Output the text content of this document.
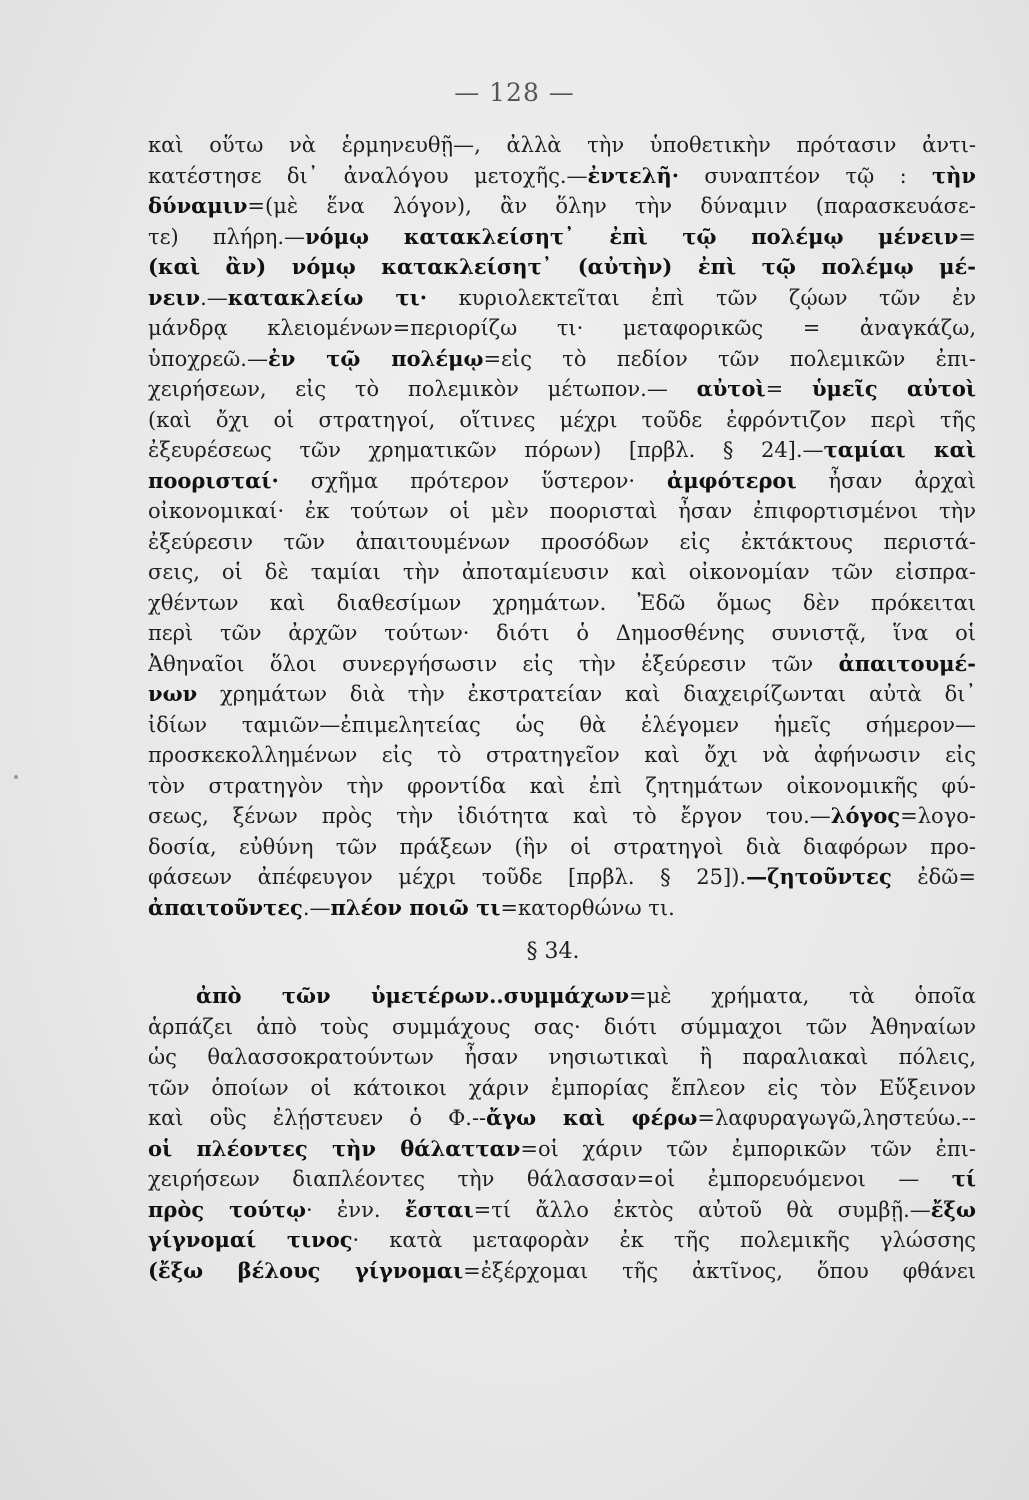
— 128 —
καὶ οὕτω νὰ ἑρμηνευθῇ—, ἀλλὰ τὴν ὑποθετικὴν πρότασιν ἀντι-
κατέστησε δι᾽ ἀναλόγου μετοχῆς.—ἐντελῆ· συναπτέον τῷ : τὴν
δύναμιν=(μὲ ἕνα λόγον), ἂν ὅλην τὴν δύναμιν (παρασκευάσε-
τε) πλήρη.—νόμῳ κατακλείσητ᾽ ἐπὶ τῷ πολέμῳ μένειν=
(καὶ ἂν) νόμῳ κατακλείσητ᾽ (αὐτὴν) ἐπὶ τῷ πολέμῳ μέ-
νειν.—κατακλείω τι· κυριολεκτεῖται ἐπὶ τῶν ζῴων τῶν ἐν
μάνδρᾳ κλειομένων=περιορίζω τι· μεταφορικῶς = ἀναγκάζω,
ὑποχρεῶ.—ἐν τῷ πολέμῳ=εἰς τὸ πεδίον τῶν πολεμικῶν ἐπι-
χειρήσεων, εἰς τὸ πολεμικὸν μέτωπον.— αὐτοὶ= ὑμεῖς αὐτοὶ
(καὶ ὄχι οἱ στρατηγοί, οἵτινες μέχρι τοῦδε ἐφρόντιζον περὶ τῆς
ἐξευρέσεως τῶν χρηματικῶν πόρων) [πρβλ. § 24].—ταμίαι καὶ
ποορισταί· σχῆμα πρότερον ὕστερον· ἀμφότεροι ἦσαν ἀρχαὶ
οἰκονομικαί· ἐκ τούτων οἱ μὲν ποορισταὶ ἦσαν ἐπιφορτισμένοι τὴν
ἐξεύρεσιν τῶν ἀπαιτουμένων προσόδων εἰς ἐκτάκτους περιστά-
σεις, οἱ δὲ ταμίαι τὴν ἀποταμίευσιν καὶ οἰκονομίαν τῶν εἰσπρα-
χθέντων καὶ διαθεσίμων χρημάτων. Ἐδῶ ὅμως δὲν πρόκειται
περὶ τῶν ἀρχῶν τούτων· διότι ὁ Δημοσθένης συνιστᾷ, ἵνα οἱ
Ἀθηναῖοι ὅλοι συνεργήσωσιν εἰς τὴν ἐξεύρεσιν τῶν ἀπαιτουμέ-
νων χρημάτων διὰ τὴν ἐκστρατείαν καὶ διαχειρίζωνται αὐτὰ δι᾽
ἰδίων ταμιῶν—ἐπιμελητείας ὡς θὰ ἐλέγομεν ἡμεῖς σήμερον—
προσκεκολλημένων εἰς τὸ στρατηγεῖον καὶ ὄχι νὰ ἀφήνωσιν εἰς
τὸν στρατηγὸν τὴν φροντίδα καὶ ἐπὶ ζητημάτων οἰκονομικῆς φύ-
σεως, ξένων πρὸς τὴν ἰδιότητα καὶ τὸ ἔργον του.—λόγος=λογο-
δοσία, εὐθύνη τῶν πράξεων (ἣν οἱ στρατηγοὶ διὰ διαφόρων προ-
φάσεων ἀπέφευγον μέχρι τοῦδε [πρβλ. § 25]).—ζητοῦντες ἐδῶ=
ἀπαιτοῦντες.—πλέον ποιῶ τι=κατορθώνω τι.
§ 34.
ἀπὸ τῶν ὑμετέρων..συμμάχων=μὲ χρήματα, τὰ ὁποῖα
ἁρπάζει ἀπὸ τοὺς συμμάχους σας· διότι σύμμαχοι τῶν Ἀθηναίων
ὡς θαλασσοκρατούντων ἦσαν νησιωτικαὶ ἢ παραλιακαὶ πόλεις,
τῶν ὁποίων οἱ κάτοικοι χάριν ἐμπορίας ἔπλεον εἰς τὸν Εὔξεινον
καὶ οὓς ἐλῄστευεν ὁ Φ.--ἄγω καὶ φέρω=λαφυραγωγῶ,ληστεύω.--
οἱ πλέοντες τὴν θάλατταν=οἱ χάριν τῶν ἐμπορικῶν τῶν ἐπι-
χειρήσεων διαπλέοντες τὴν θάλασσαν=οἱ ἐμπορευόμενοι — τί
πρὸς τούτῳ· ἐνν. ἔσται=τί ἄλλο ἐκτὸς αὐτοῦ θὰ συμβῇ.—ἔξω
γίγνομαί τινος· κατὰ μεταφορὰν ἐκ τῆς πολεμικῆς γλώσσης
(ἔξω βέλους γίγνομαι=ἐξέρχομαι τῆς ἀκτῖνος, ὅπου φθάνει
